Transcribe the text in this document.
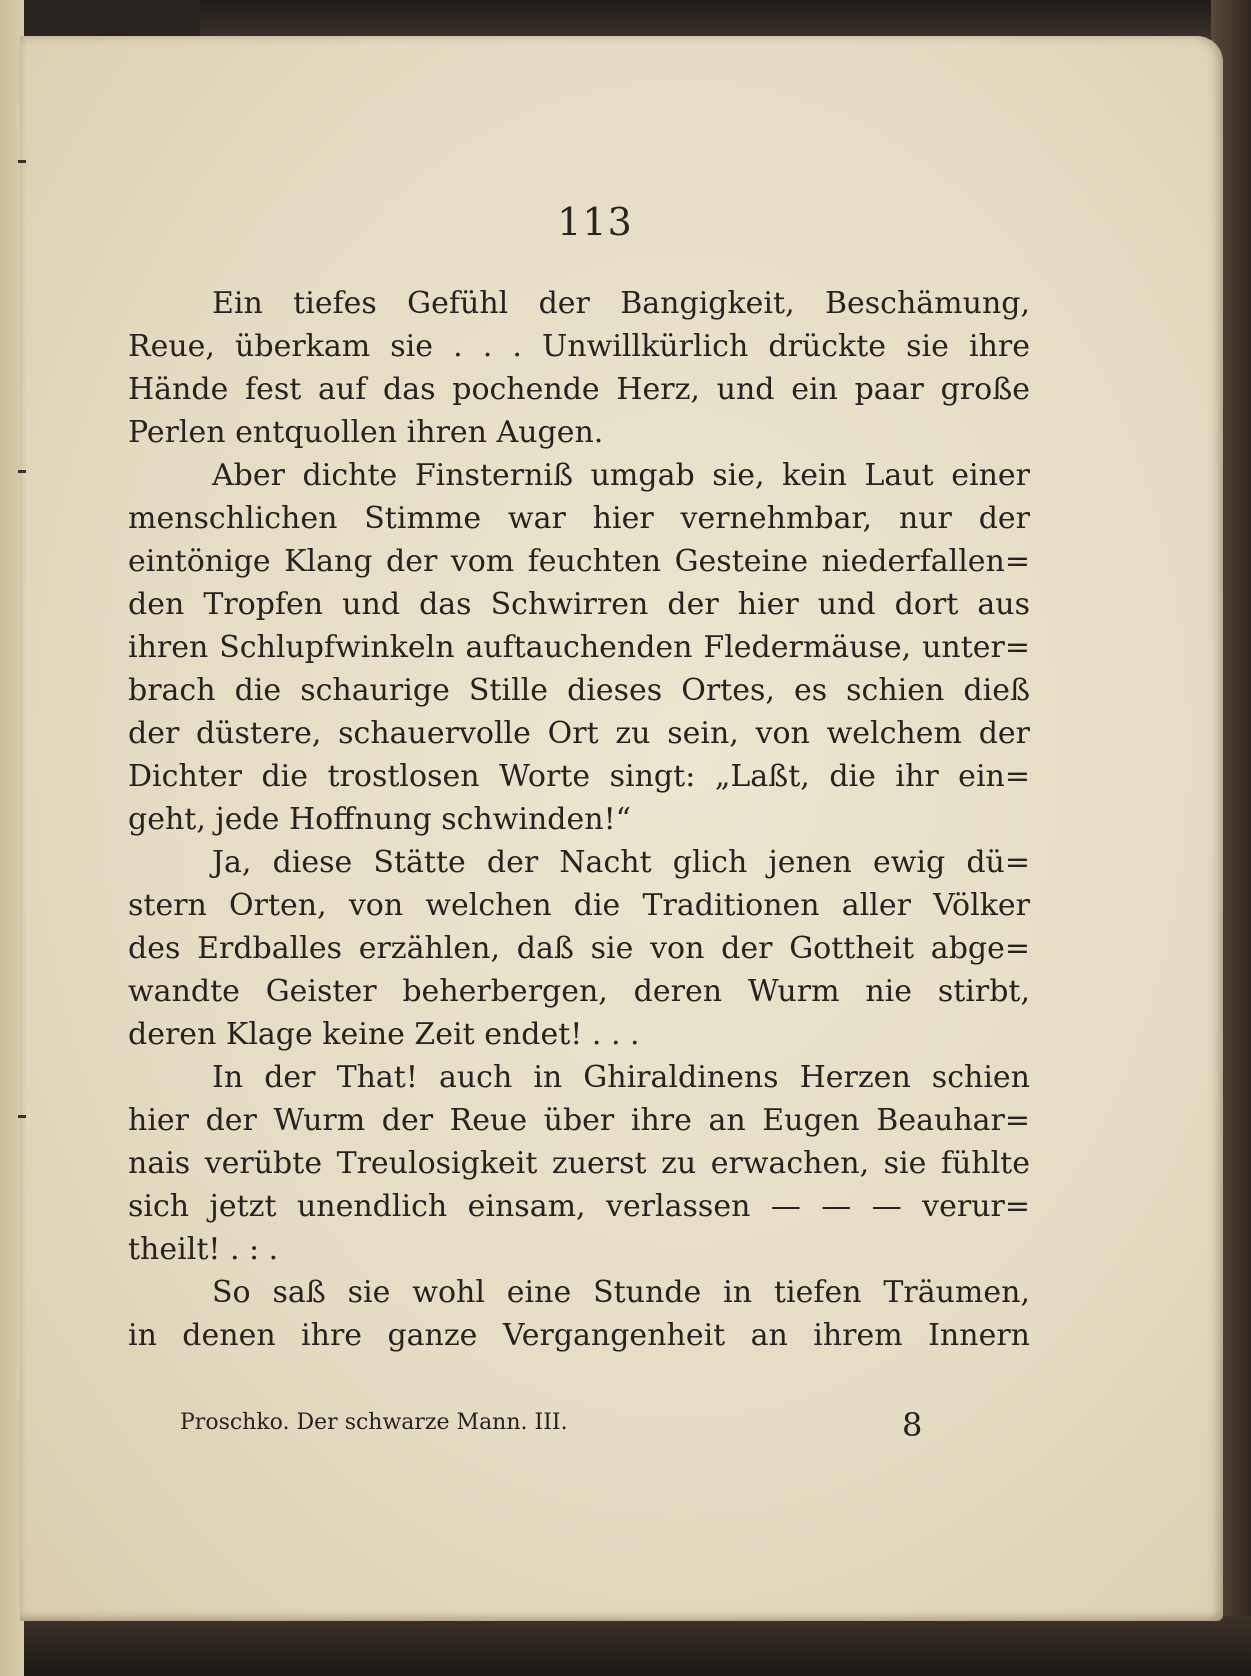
113
Ein tiefes Gefühl der Bangigkeit, Beschämung,
Reue, überkam sie . . . Unwillkürlich drückte sie ihre
Hände fest auf das pochende Herz, und ein paar große
Perlen entquollen ihren Augen.
Aber dichte Finsterniß umgab sie, kein Laut einer
menschlichen Stimme war hier vernehmbar, nur der
eintönige Klang der vom feuchten Gesteine niederfallen=
den Tropfen und das Schwirren der hier und dort aus
ihren Schlupfwinkeln auftauchenden Fledermäuse, unter=
brach die schaurige Stille dieses Ortes, es schien dieß
der düstere, schauervolle Ort zu sein, von welchem der
Dichter die trostlosen Worte singt: „Laßt, die ihr ein=
geht, jede Hoffnung schwinden!“
Ja, diese Stätte der Nacht glich jenen ewig dü=
stern Orten, von welchen die Traditionen aller Völker
des Erdballes erzählen, daß sie von der Gottheit abge=
wandte Geister beherbergen, deren Wurm nie stirbt,
deren Klage keine Zeit endet! . . .
In der That! auch in Ghiraldinens Herzen schien
hier der Wurm der Reue über ihre an Eugen Beauhar=
nais verübte Treulosigkeit zuerst zu erwachen, sie fühlte
sich jetzt unendlich einsam, verlassen — — — verur=
theilt! . : .
So saß sie wohl eine Stunde in tiefen Träumen,
in denen ihre ganze Vergangenheit an ihrem Innern
Proschko. Der schwarze Mann. III.	8
